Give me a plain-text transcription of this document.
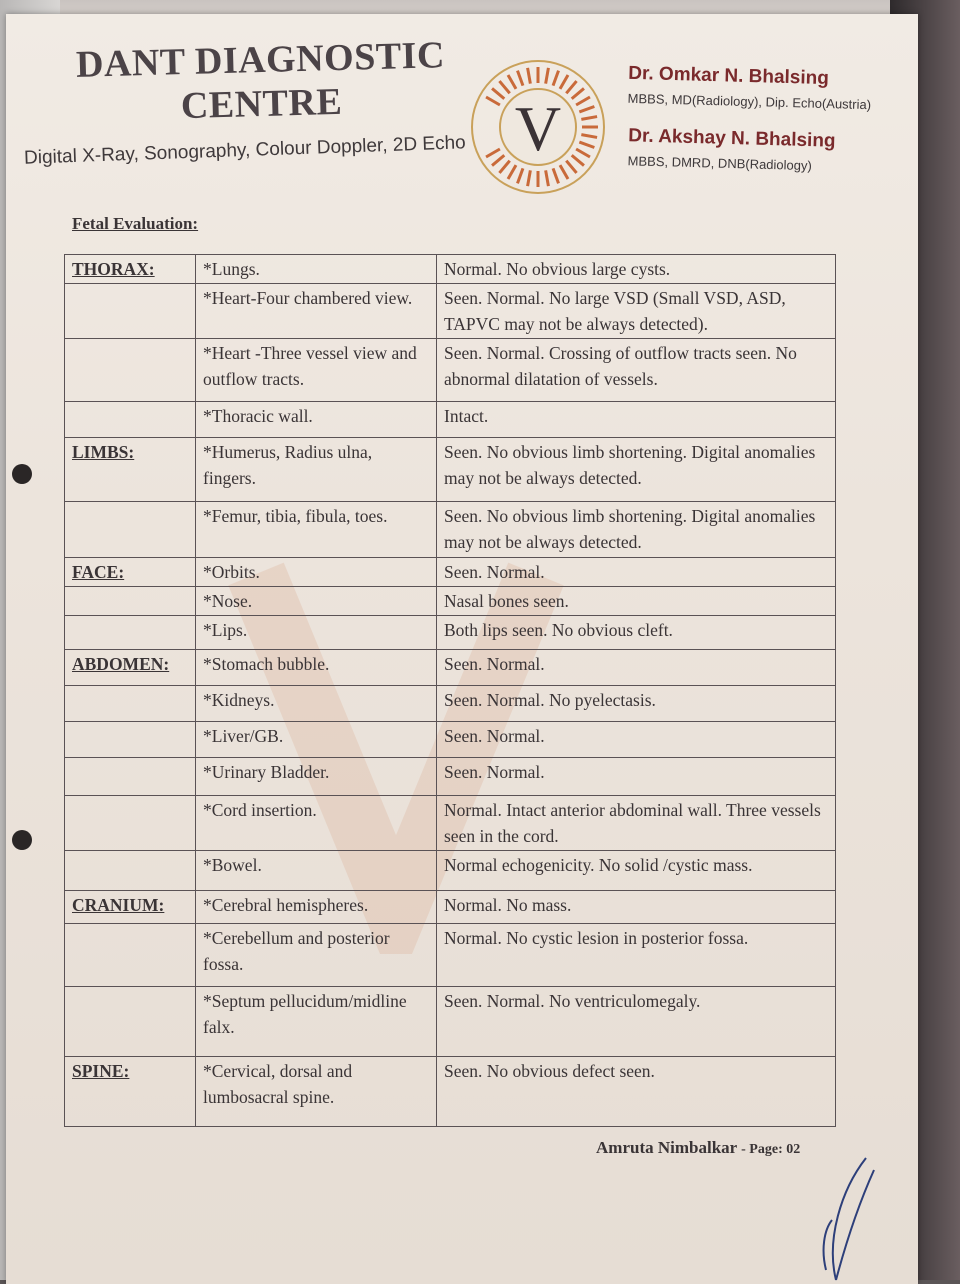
DANT DIAGNOSTIC
CENTRE
Digital X-Ray, Sonography, Colour Doppler, 2D Echo V
Dr. Omkar N. Bhalsing
MBBS, MD(Radiology), Dip. Echo(Austria)
Dr. Akshay N. Bhalsing
MBBS, DMRD, DNB(Radiology)
Fetal Evaluation:
THORAX:	*Lungs.	Normal. No obvious large cysts.
	*Heart-Four chambered view.	Seen. Normal. No large VSD (Small VSD, ASD, TAPVC may not be always detected).
	*Heart -Three vessel view and outflow tracts.	Seen. Normal. Crossing of outflow tracts seen. No abnormal dilatation of vessels.
	*Thoracic wall.	Intact.
LIMBS:	*Humerus, Radius ulna, fingers.	Seen. No obvious limb shortening. Digital anomalies may not be always detected.
	*Femur, tibia, fibula, toes.	Seen. No obvious limb shortening. Digital anomalies may not be always detected.
FACE:	*Orbits.	Seen. Normal.
	*Nose.	Nasal bones seen.
	*Lips.	Both lips seen. No obvious cleft.
ABDOMEN:	*Stomach bubble.	Seen. Normal.
	*Kidneys.	Seen. Normal. No pyelectasis.
	*Liver/GB.	Seen. Normal.
	*Urinary Bladder.	Seen. Normal.
	*Cord insertion.	Normal. Intact anterior abdominal wall. Three vessels seen in the cord.
	*Bowel.	Normal echogenicity. No solid /cystic mass.
CRANIUM:	*Cerebral hemispheres.	Normal. No mass.
	*Cerebellum and posterior fossa.	Normal. No cystic lesion in posterior fossa.
	*Septum pellucidum/midline falx.	Seen. Normal. No ventriculomegaly.
SPINE:	*Cervical, dorsal and lumbosacral spine.	Seen. No obvious defect seen.
Amruta Nimbalkar - Page: 02
